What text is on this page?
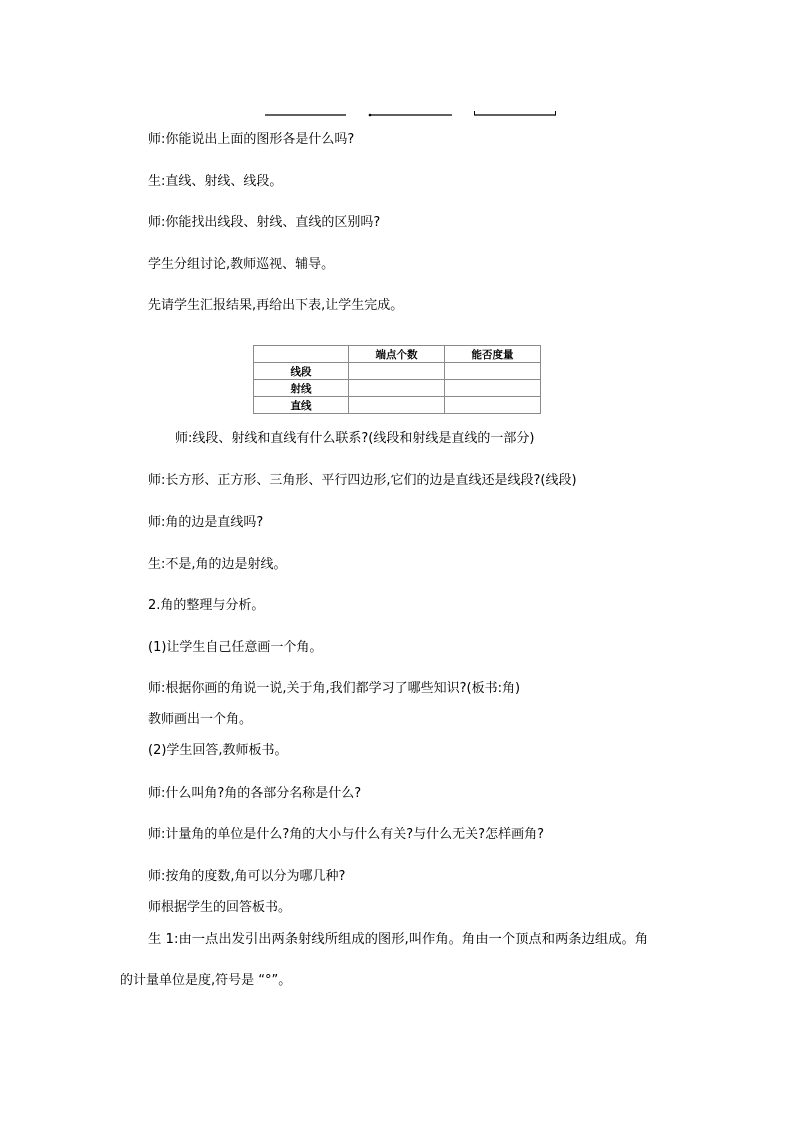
师:你能说出上面的图形各是什么吗?
生:直线、射线、线段。
师:你能找出线段、射线、直线的区别吗?
学生分组讨论,教师巡视、辅导。
先请学生汇报结果,再给出下表,让学生完成。
	端点个数	能否度量
线段		
射线		
直线		
师:线段、射线和直线有什么联系?(线段和射线是直线的一部分)
师:长方形、正方形、三角形、平行四边形,它们的边是直线还是线段?(线段)
师:角的边是直线吗?
生:不是,角的边是射线。
2.角的整理与分析。
(1)让学生自己任意画一个角。
师:根据你画的角说一说,关于角,我们都学习了哪些知识?(板书:角)
教师画出一个角。
(2)学生回答,教师板书。
师:什么叫角?角的各部分名称是什么?
师:计量角的单位是什么?角的大小与什么有关?与什么无关?怎样画角?
师:按角的度数,角可以分为哪几种?
师根据学生的回答板书。
生 1:由一点出发引出两条射线所组成的图形,叫作角。角由一个顶点和两条边组成。角
的计量单位是度,符号是 “°”。
